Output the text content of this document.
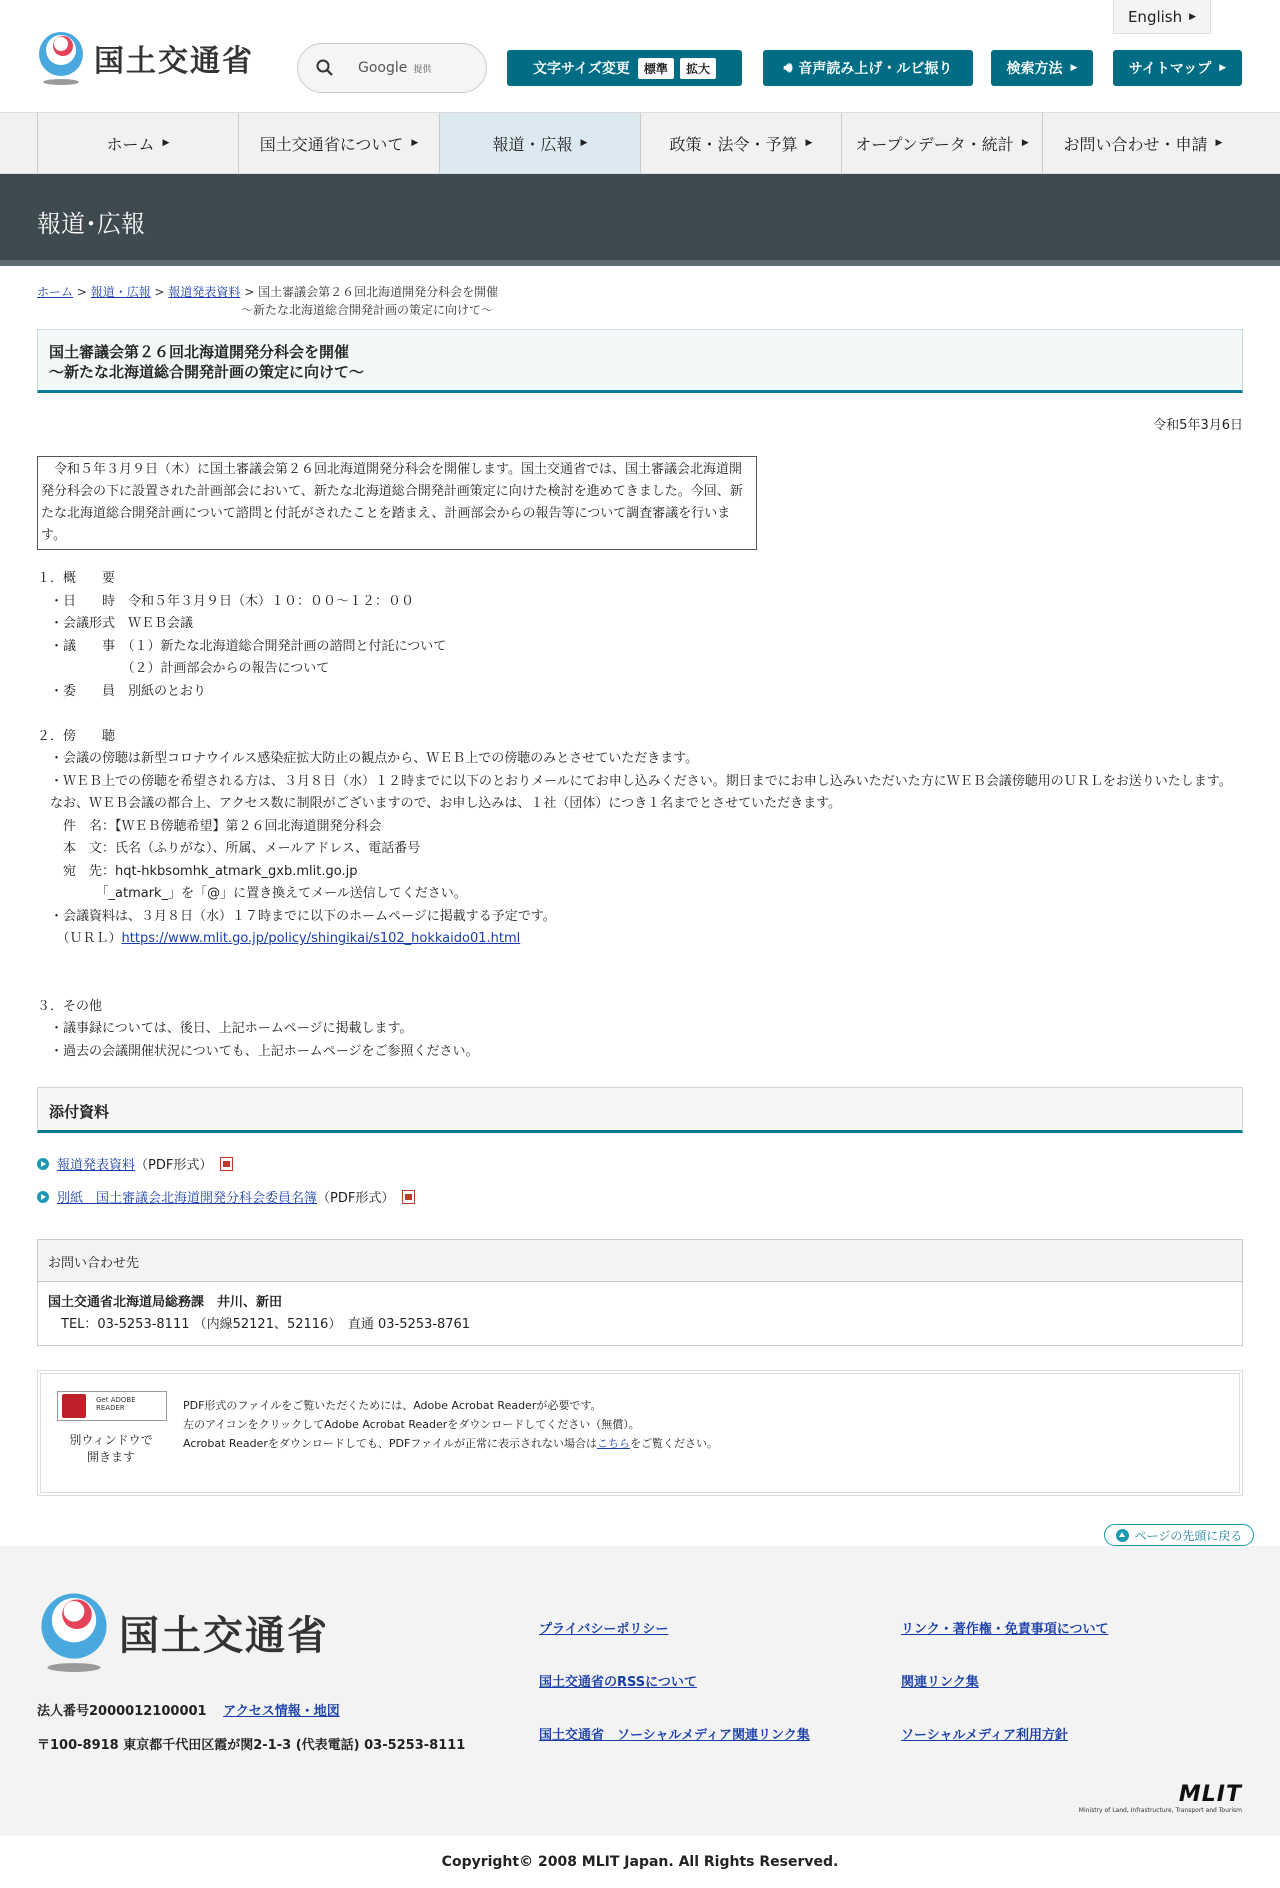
国土交通省	Google 提供
English ▶
文字サイズ変更	標準	拡大	🔊︎ 音声読み上げ・ルビ振り	検索方法 ▶	サイトマップ ▶
ホーム ▶	国土交通省について ▶	報道・広報 ▶	政策・法令・予算 ▶	オープンデータ・統計 ▶ お問い合わせ・申請 ▶
報道･広報
ホーム > 報道・広報 > 報道発表資料 > 国土審議会第２６回北海道開発分科会を開催
～新たな北海道総合開発計画の策定に向けて～
国土審議会第２６回北海道開発分科会を開催
～新たな北海道総合開発計画の策定に向けて～
令和5年3月6日
　令和５年３月９日（木）に国土審議会第２６回北海道開発分科会を開催します。国土交通省では、国土審議会北海道開発分科会の下に設置された計画部会において、新たな北海道総合開発計画策定に向けた検討を進めてきました。今回、新たな北海道総合開発計画について諮問と付託がされたことを踏まえ、計画部会からの報告等について調査審議を行います。
１．概　　要
　・日　　時　令和５年３月９日（木）１０：００～１２：００
　・会議形式　ＷＥＢ会議
　・議　　事　（１）新たな北海道総合開発計画の諮問と付託について
　　　　　　　（２）計画部会からの報告について
　・委　　員　別紙のとおり

２．傍　　聴
　・会議の傍聴は新型コロナウイルス感染症拡大防止の観点から、ＷＥＢ上での傍聴のみとさせていただきます。
　・ＷＥＢ上での傍聴を希望される方は、３月８日（水）１２時までに以下のとおりメールにてお申し込みください。期日までにお申し込みいただいた方にＷＥＢ会議傍聴用のＵＲＬをお送りいたします。
　なお、ＷＥＢ会議の都合上、アクセス数に制限がございますので、お申し込みは、１社（団体）につき１名までとさせていただきます。
　　件　名：【ＷＥＢ傍聴希望】第２６回北海道開発分科会
　　本　文：氏名（ふりがな）、所属、メールアドレス、電話番号
　　宛　先：hqt-hkbsomhk_atmark_gxb.mlit.go.jp
　　　　　「_atmark_」を「@」に置き換えてメール送信してください。
　・会議資料は、３月８日（水）１７時までに以下のホームページに掲載する予定です。
　　（ＵＲＬ）https://www.mlit.go.jp/policy/shingikai/s102_hokkaido01.html

３．その他
　・議事録については、後日、上記ホームページに掲載します。
　・過去の会議開催状況についても、上記ホームページをご参照ください。
添付資料
報道発表資料 （PDF形式）
別紙　国土審議会北海道開発分科会委員名簿 （PDF形式）
お問い合わせ先
国土交通省北海道局総務課　井川、新田
　TEL：03-5253-8111 （内線52121、52116）　直通 03-5253-8761
Get ADOBE READER
別ウィンドウで
開きます
PDF形式のファイルをご覧いただくためには、Adobe Acrobat Readerが必要です。
左のアイコンをクリックしてAdobe Acrobat Readerをダウンロードしてください（無償）。
Acrobat Readerをダウンロードしても、PDFファイルが正常に表示されない場合はこちらをご覧ください。
ページの先頭に戻る
国土交通省
法人番号2000012100001 アクセス情報・地図
〒100-8918 東京都千代田区霞が関2-1-3 (代表電話) 03-5253-8111
プライバシーポリシー	リンク・著作権・免責事項について
国土交通省のRSSについて	関連リンク集
国土交通省　ソーシャルメディア関連リンク集	ソーシャルメディア利用方針
MLIT
Ministry of Land, Infrastructure, Transport and Tourism
Copyright© 2008 MLIT Japan. All Rights Reserved.
